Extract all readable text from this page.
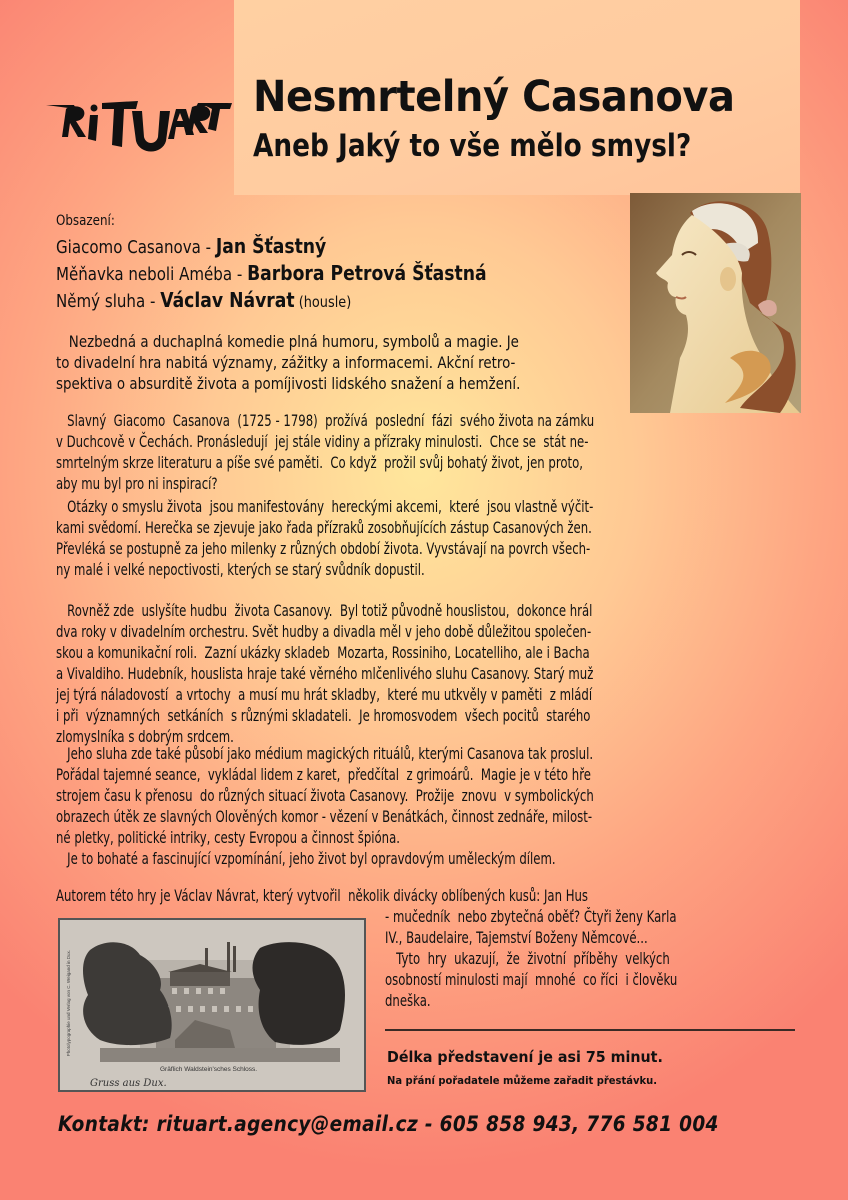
Nesmrtelný Casanova
Aneb Jaký to vše mělo smysl?
Obsazení:
Giacomo Casanova - Jan Šťastný
Měňavka neboli Améba - Barbora Petrová Šťastná
Němý sluha - Václav Návrat (housle)
Nezbedná a duchaplná komedie plná humoru, symbolů a magie. Je
to divadelní hra nabitá významy, zážitky a informacemi. Akční retro-
spektiva o absurditě života a pomíjivosti lidského snažení a hemžení.
Slavný  Giacomo  Casanova  (1725 - 1798)  prožívá  poslední  fázi  svého života na zámku
v Duchcově v Čechách. Pronásledují  jej stále vidiny a přízraky minulosti.  Chce se  stát ne-
smrtelným skrze literaturu a píše své paměti.  Co když  prožil svůj bohatý život, jen proto,
aby mu byl pro ni inspirací?
Otázky o smyslu života  jsou manifestovány  hereckými akcemi,  které  jsou vlastně výčit-
kami svědomí. Herečka se zjevuje jako řada přízraků zosobňujících zástup Casanových žen.
Převléká se postupně za jeho milenky z různých období života. Vyvstávají na povrch všech-
ny malé i velké nepoctivosti, kterých se starý svůdník dopustil.
Rovněž zde  uslyšíte hudbu  života Casanovy.  Byl totiž původně houslistou,  dokonce hrál
dva roky v divadelním orchestru. Svět hudby a divadla měl v jeho době důležitou společen-
skou a komunikační roli.  Zazní ukázky skladeb  Mozarta, Rossiniho, Locatelliho, ale i Bacha
a Vivaldiho. Hudebník, houslista hraje také věrného mlčenlivého sluhu Casanovy. Starý muž
jej týrá náladovostí  a vrtochy  a musí mu hrát skladby,  které mu utkvěly v paměti  z mládí
i při  významných  setkáních  s různými skladateli.  Je hromosvodem  všech pocitů  starého
zlomyslníka s dobrým srdcem.
Jeho sluha zde také působí jako médium magických rituálů, kterými Casanova tak proslul.
Pořádal tajemné seance,  vykládal lidem z karet,  předčítal  z grimoárů.  Magie je v této hře
strojem času k přenosu  do různých situací života Casanovy.  Prožije  znovu  v symbolických
obrazech útěk ze slavných Olověných komor - vězení v Benátkách, činnost zednáře, milost-
né pletky, politické intriky, cesty Evropou a činnost špióna.
Je to bohaté a fascinující vzpomínání, jeho život byl opravdovým uměleckým dílem.
Autorem této hry je Václav Návrat, který vytvořil  několik divácky oblíbených kusů: Jan Hus
- mučedník  nebo zbytečná oběť? Čtyři ženy Karla
IV., Baudelaire, Tajemství Boženy Němcové...
Tyto  hry  ukazují,  že  životní  příběhy  velkých
osobností minulosti mají  mnohé  co říci  i člověku
dneška.
Photolypographie und Verlag von C. Weigand in Dux.
Gräflich Waldstein'sches Schloss.
Gruss aus Dux.
Délka představení je asi 75 minut.
Na přání pořadatele můžeme zařadit přestávku.
Kontakt: rituart.agency@email.cz - 605 858 943, 776 581 004
